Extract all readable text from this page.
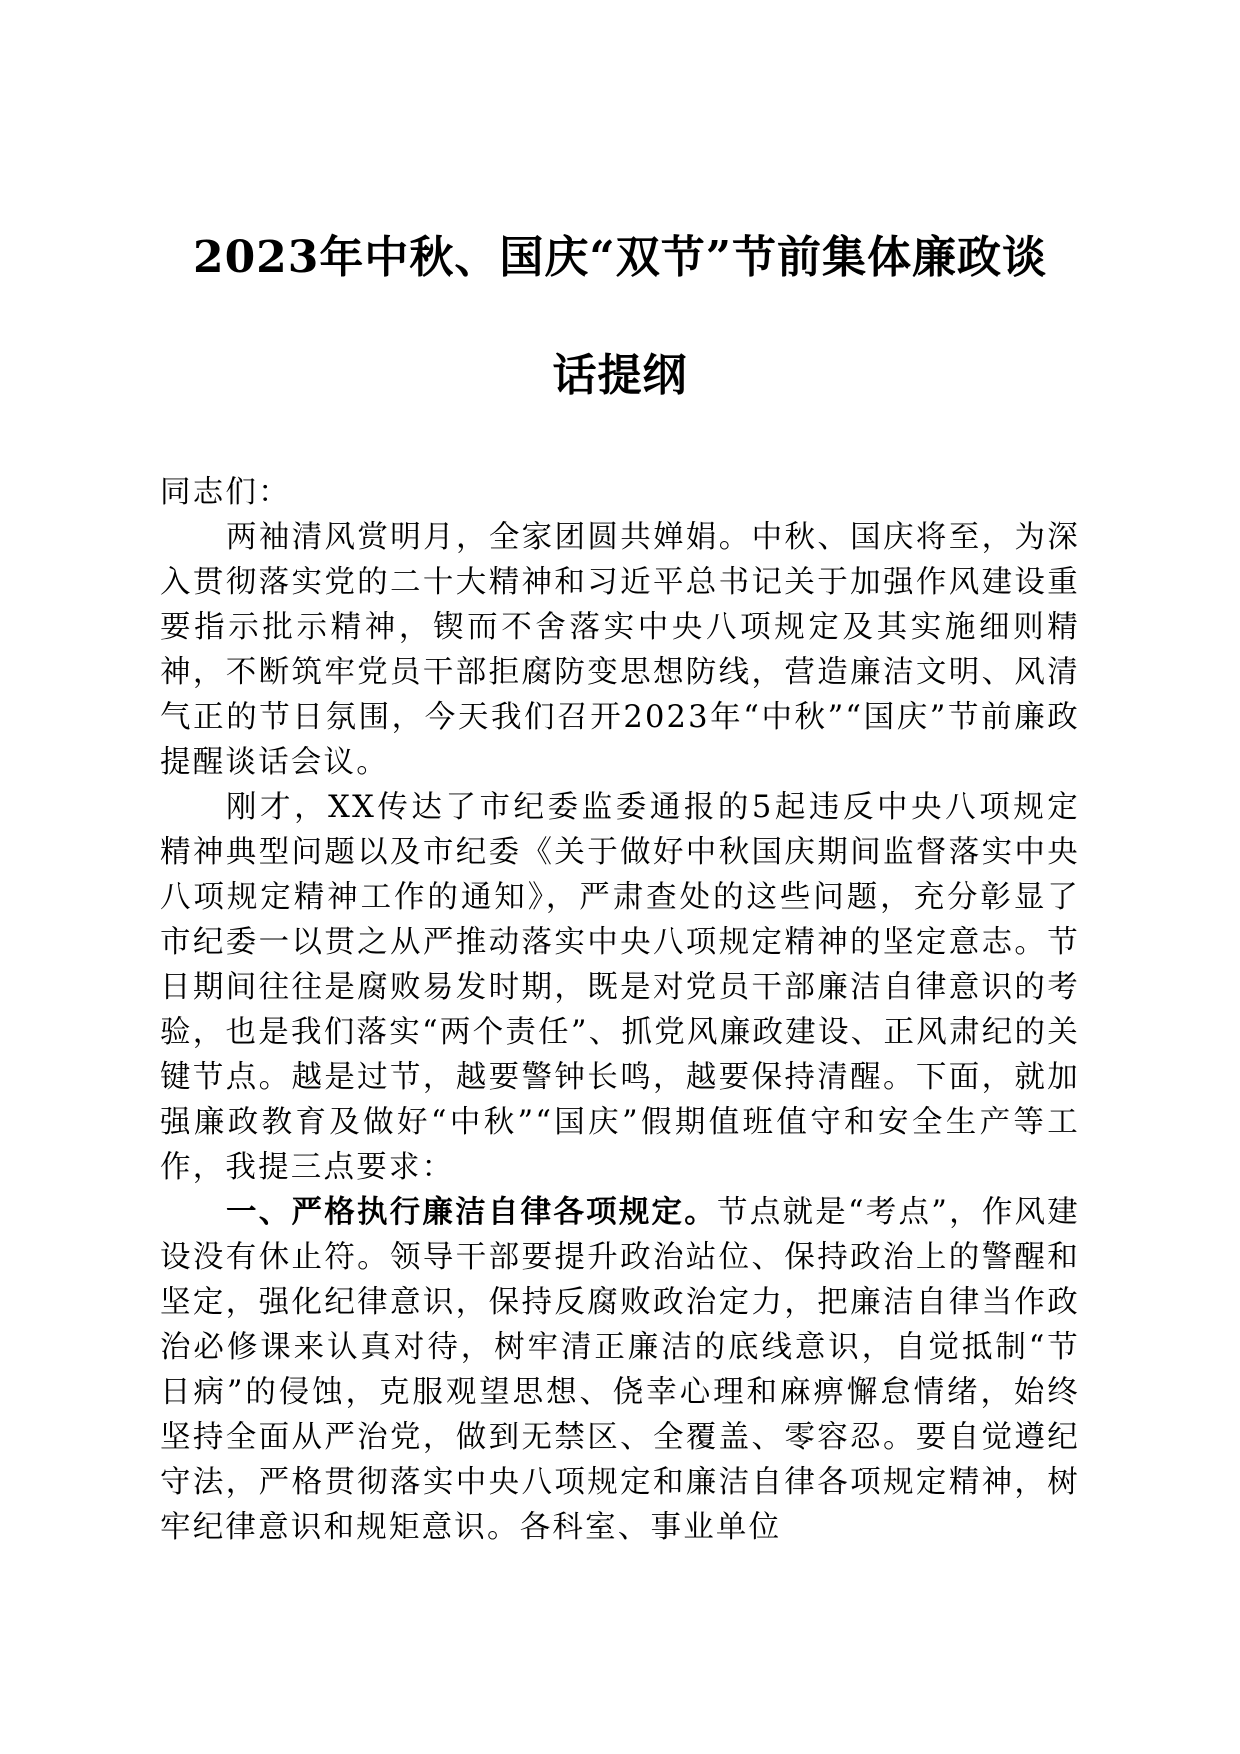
2023年中秋、国庆“双节”节前集体廉政谈
话提纲

同志们：

两袖清风赏明月，全家团圆共婵娟。中秋、国庆将至，为深入贯彻落实党的二十大精神和习近平总书记关于加强作风建设重要指示批示精神，锲而不舍落实中央八项规定及其实施细则精神，不断筑牢党员干部拒腐防变思想防线，营造廉洁文明、风清气正的节日氛围，今天我们召开2023年“中秋”“国庆”节前廉政提醒谈话会议。

刚才，XX传达了市纪委监委通报的5起违反中央八项规定精神典型问题以及市纪委《关于做好中秋国庆期间监督落实中央八项规定精神工作的通知》，严肃查处的这些问题，充分彰显了市纪委一以贯之从严推动落实中央八项规定精神的坚定意志。节日期间往往是腐败易发时期，既是对党员干部廉洁自律意识的考验，也是我们落实“两个责任”、抓党风廉政建设、正风肃纪的关键节点。越是过节，越要警钟长鸣，越要保持清醒。下面，就加强廉政教育及做好“中秋”“国庆”假期值班值守和安全生产等工作，我提三点要求：

一、严格执行廉洁自律各项规定。节点就是“考点”，作风建设没有休止符。领导干部要提升政治站位、保持政治上的警醒和坚定，强化纪律意识，保持反腐败政治定力，把廉洁自律当作政治必修课来认真对待，树牢清正廉洁的底线意识，自觉抵制“节日病”的侵蚀，克服观望思想、侥幸心理和麻痹懈怠情绪，始终坚持全面从严治党，做到无禁区、全覆盖、零容忍。要自觉遵纪守法，严格贯彻落实中央八项规定和廉洁自律各项规定精神，树牢纪律意识和规矩意识。各科室、事业单位
